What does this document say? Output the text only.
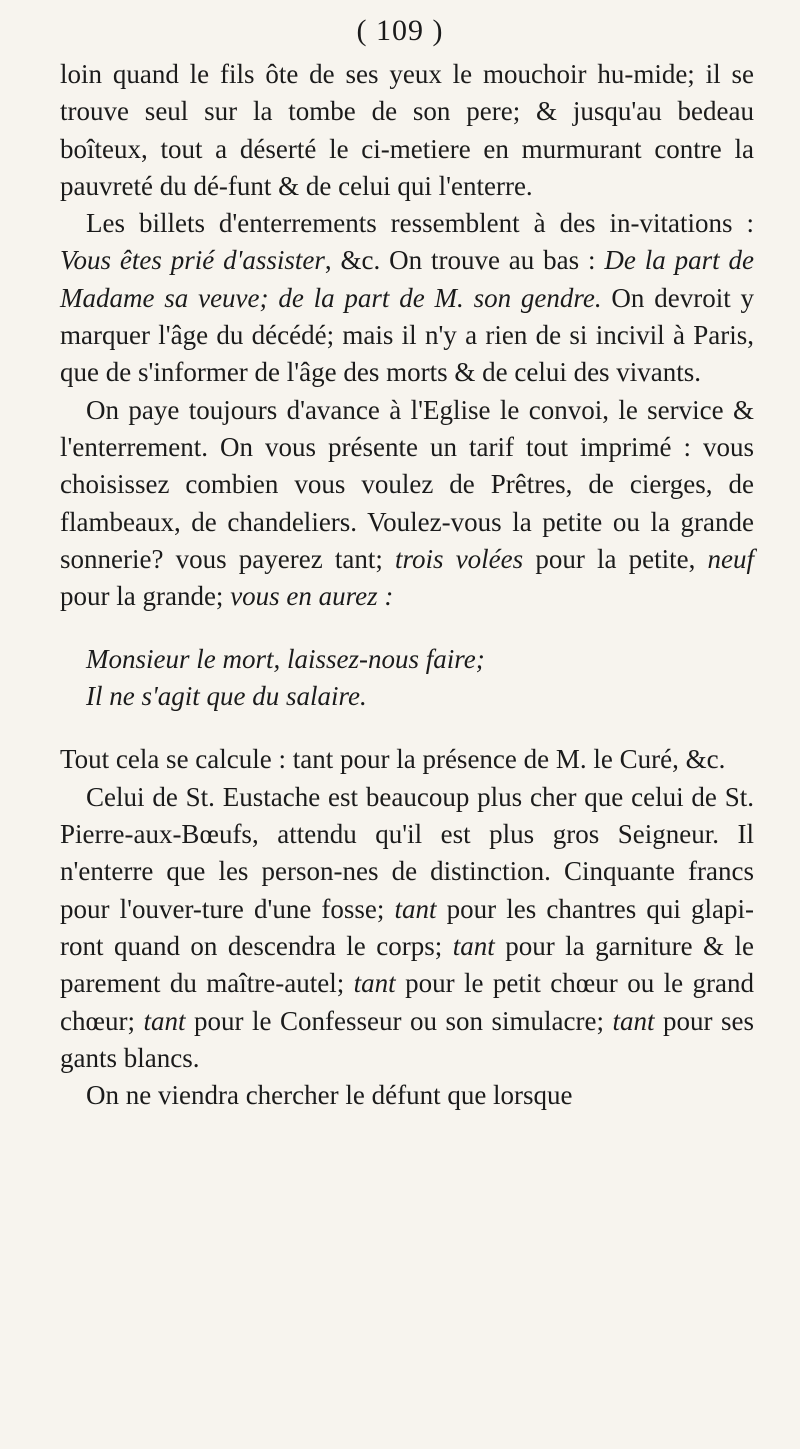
( 109 )

loin quand le fils ôte de ses yeux le mouchoir hu-mide; il se trouve seul sur la tombe de son pere; & jusqu'au bedeau boîteux, tout a déserté le ci-metiere en murmurant contre la pauvreté du dé-funt & de celui qui l'enterre.

Les billets d'enterrements ressemblent à des in-vitations : Vous êtes prié d'assister, &c. On trouve au bas : De la part de Madame sa veuve; de la part de M. son gendre. On devroit y marquer l'âge du décédé; mais il n'y a rien de si incivil à Paris, que de s'informer de l'âge des morts & de celui des vivants.

On paye toujours d'avance à l'Eglise le convoi, le service & l'enterrement. On vous présente un tarif tout imprimé : vous choisissez combien vous voulez de Prêtres, de cierges, de flambeaux, de chandeliers. Voulez-vous la petite ou la grande sonnerie? vous payerez tant; trois volées pour la petite, neuf pour la grande; vous en aurez :

Monsieur le mort, laissez-nous faire;
Il ne s'agit que du salaire.

Tout cela se calcule : tant pour la présence de M. le Curé, &c.

Celui de St. Eustache est beaucoup plus cher que celui de St. Pierre-aux-Bœufs, attendu qu'il est plus gros Seigneur. Il n'enterre que les person-nes de distinction. Cinquante francs pour l'ouver-ture d'une fosse; tant pour les chantres qui glapi-ront quand on descendra le corps; tant pour la garniture & le parement du maître-autel; tant pour le petit chœur ou le grand chœur; tant pour le Confesseur ou son simulacre; tant pour ses gants blancs.

On ne viendra chercher le défunt que lorsque
